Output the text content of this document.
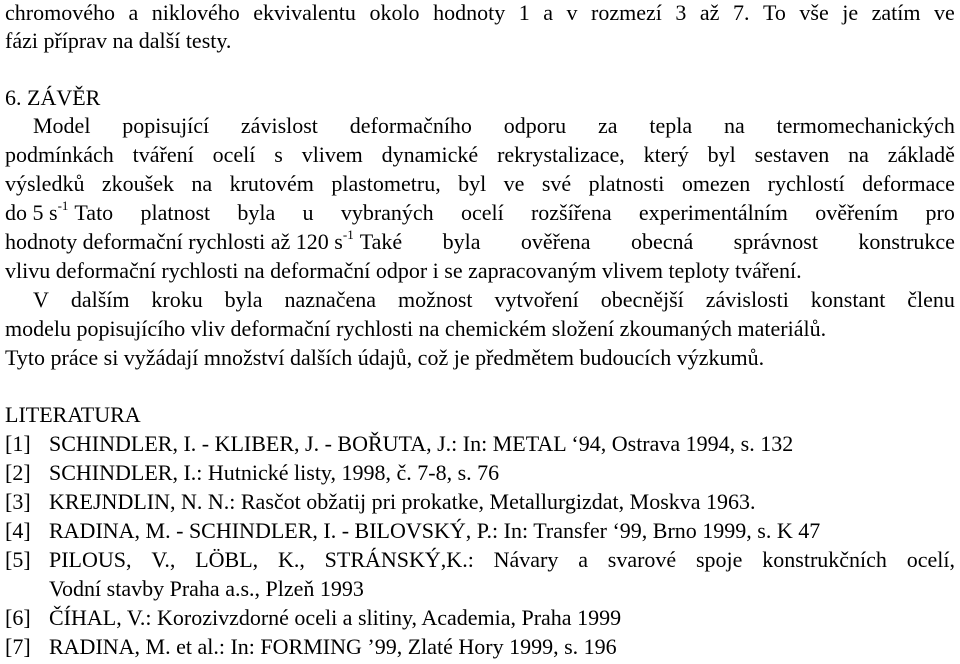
chromového a niklového ekvivalentu okolo hodnoty 1 a v rozmezí 3 až 7. To vše je zatím ve
fázi příprav na další testy.
6. ZÁVĚR
Model popisující závislost deformačního odporu za tepla na termomechanických
podmínkách tváření ocelí s vlivem dynamické rekrystalizace, který byl sestaven na základě
výsledků zkoušek na krutovém plastometru, byl ve své platnosti omezen rychlostí deformace
do 5 $s^{-1}$ Tato platnost byla u vybraných ocelí rozšířena experimentálním ověřením pro
hodnoty deformační rychlosti až 120 $s^{-1}$ Také byla ověřena obecná správnost konstrukce
vlivu deformační rychlosti na deformační odpor i se zapracovaným vlivem teploty tváření.
V dalším kroku byla naznačena možnost vytvoření obecnější závislosti konstant členu
modelu popisujícího vliv deformační rychlosti na chemickém složení zkoumaných materiálů.
Tyto práce si vyžádají množství dalších údajů, což je předmětem budoucích výzkumů.
LITERATURA
[1] SCHINDLER, I. - KLIBER, J. - BOŘUTA, J.: In: METAL ‘94, Ostrava 1994, s. 132
[2] SCHINDLER, I.: Hutnické listy, 1998, č. 7-8, s. 76
[3] KREJNDLIN, N. N.: Rasčot obžatij pri prokatke, Metallurgizdat, Moskva 1963.
[4] RADINA, M. - SCHINDLER, I. - BILOVSKÝ, P.: In: Transfer ‘99, Brno 1999, s. K 47
[5] PILOUS, V., LÖBL, K., STRÁNSKÝ,K.: Návary a svarové spoje konstrukčních ocelí,
Vodní stavby Praha a.s., Plzeň 1993
[6] ČÍHAL, V.: Korozivzdorné oceli a slitiny, Academia, Praha 1999
[7] RADINA, M. et al.: In: FORMING ’99, Zlaté Hory 1999, s. 196
